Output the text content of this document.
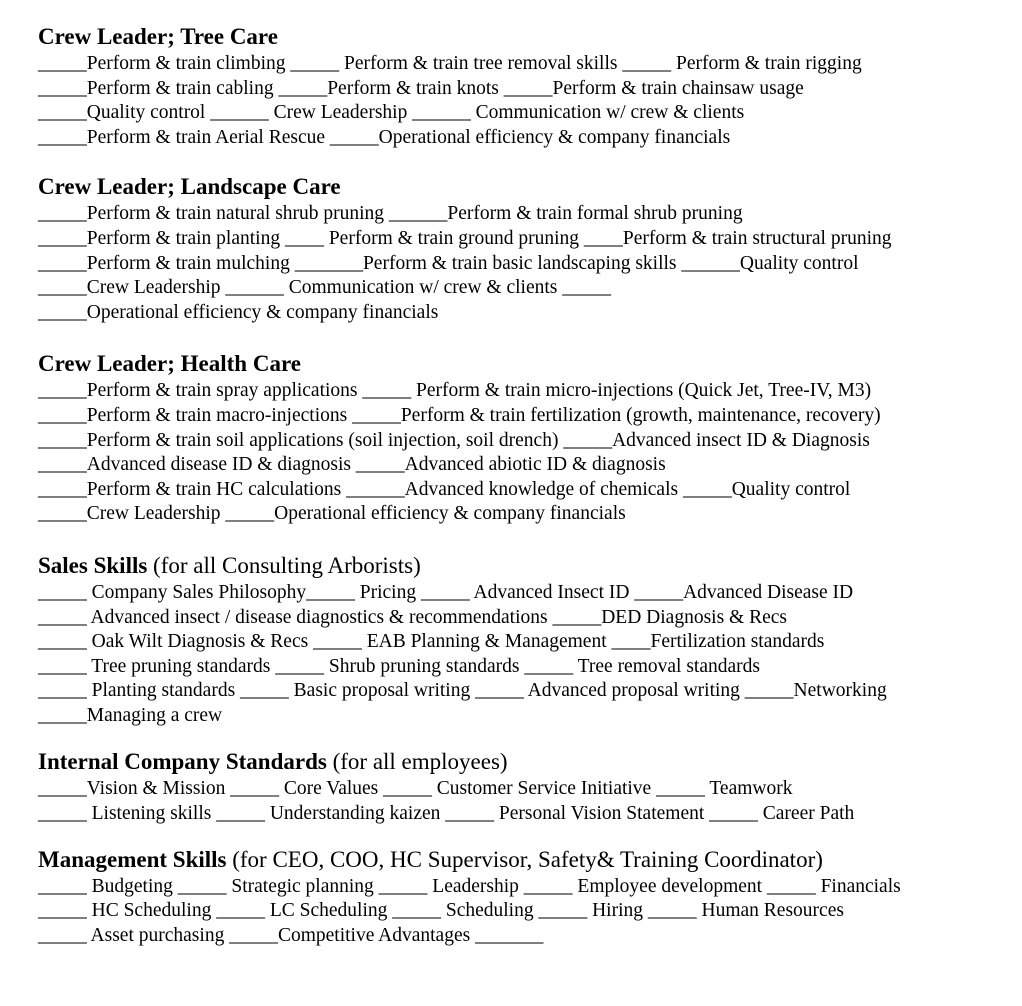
Crew Leader; Tree Care
_____Perform & train climbing _____ Perform & train tree removal skills _____ Perform & train rigging
_____Perform & train cabling _____Perform & train knots _____Perform & train chainsaw usage
_____Quality control ______ Crew Leadership ______ Communication w/ crew & clients
_____Perform & train Aerial Rescue _____Operational efficiency & company financials
Crew Leader; Landscape Care
_____Perform & train natural shrub pruning ______Perform & train formal shrub pruning
_____Perform & train planting ____ Perform & train ground pruning ____Perform & train structural pruning
_____Perform & train mulching _______Perform & train basic landscaping skills ______Quality control
_____Crew Leadership ______ Communication w/ crew & clients _____
_____Operational efficiency & company financials
Crew Leader; Health Care
_____Perform & train spray applications _____ Perform & train micro-injections (Quick Jet, Tree-IV, M3)
_____Perform & train macro-injections _____Perform & train fertilization (growth, maintenance, recovery)
_____Perform & train soil applications (soil injection, soil drench) _____Advanced insect ID & Diagnosis
_____Advanced disease ID & diagnosis _____Advanced abiotic ID & diagnosis
_____Perform & train HC calculations ______Advanced knowledge of chemicals _____Quality control
_____Crew Leadership _____Operational efficiency & company financials
Sales Skills (for all Consulting Arborists)
_____ Company Sales Philosophy_____ Pricing _____ Advanced Insect ID _____Advanced Disease ID
_____ Advanced insect / disease diagnostics & recommendations _____DED Diagnosis & Recs
_____ Oak Wilt Diagnosis & Recs _____ EAB Planning & Management ____Fertilization standards
_____ Tree pruning standards _____ Shrub pruning standards _____ Tree removal standards
_____ Planting standards _____ Basic proposal writing _____ Advanced proposal writing _____Networking
_____Managing a crew
Internal Company Standards (for all employees)
_____Vision & Mission _____ Core Values _____ Customer Service Initiative _____ Teamwork
_____ Listening skills _____ Understanding kaizen _____ Personal Vision Statement _____ Career Path
Management Skills (for CEO, COO, HC Supervisor, Safety& Training Coordinator)
_____ Budgeting _____ Strategic planning _____ Leadership _____ Employee development _____ Financials
_____ HC Scheduling _____ LC Scheduling _____ Scheduling _____ Hiring _____ Human Resources
_____ Asset purchasing _____Competitive Advantages _______
